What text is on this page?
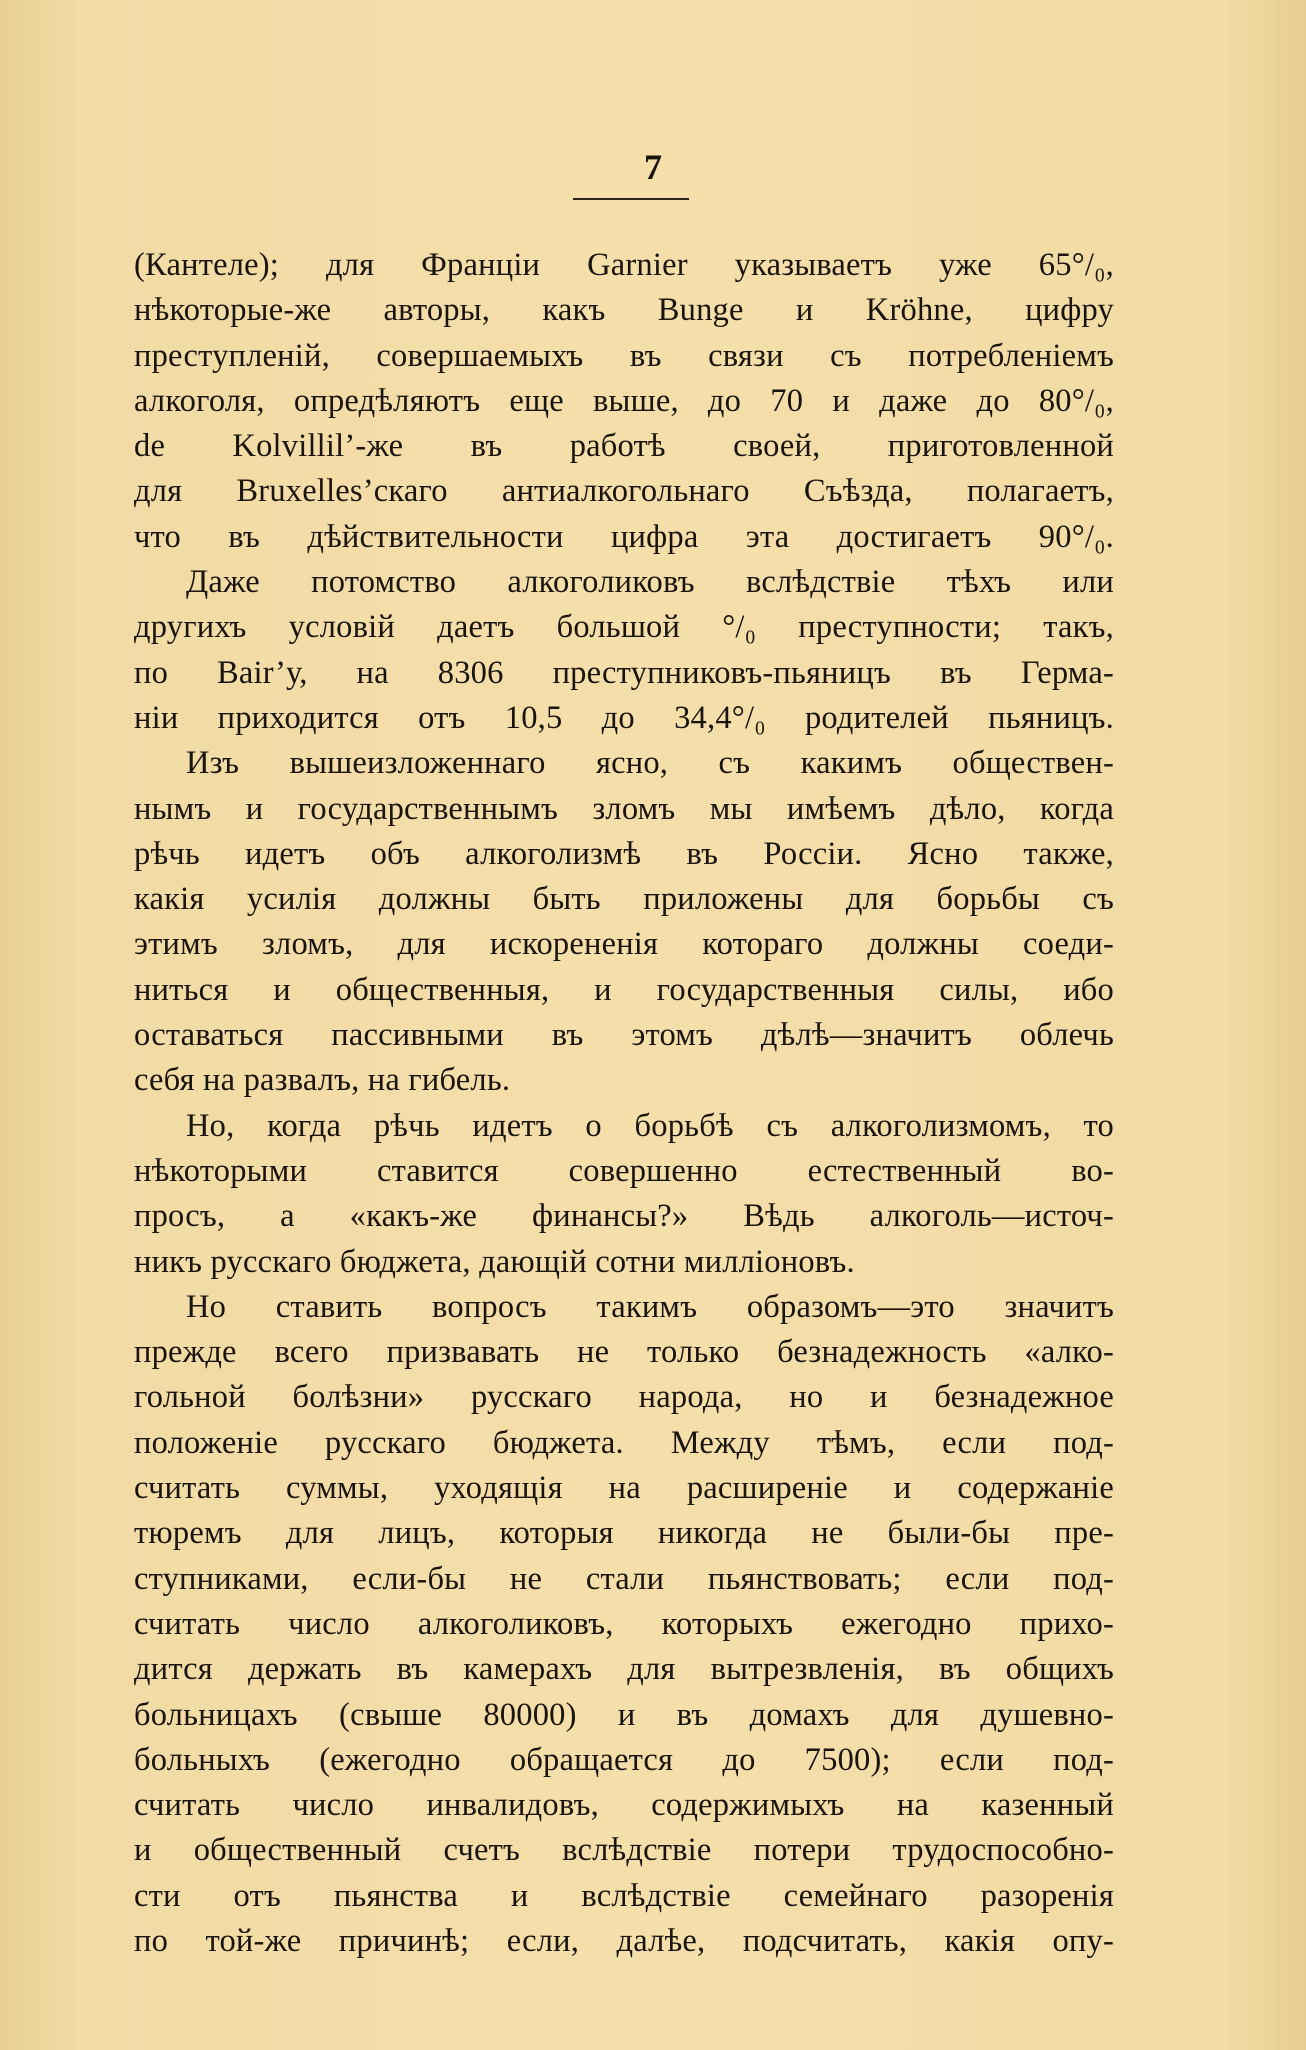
7

(Кантеле); для Франціи Garnier указываетъ уже 65°/₀,
нѣкоторые-же авторы, какъ Bunge и Kröhne, цифру
преступленій, совершаемыхъ въ связи съ потребленіемъ
алкоголя, опредѣляютъ еще выше, до 70 и даже до 80°/₀,
de Kolvillil’-же въ работѣ своей, приготовленной
для Bruxelles’скаго антиалкогольнаго Съѣзда, полагаетъ,
что въ дѣйствительности цифра эта достигаетъ 90°/₀.
Даже потомство алкоголиковъ вслѣдствіе тѣхъ или
другихъ условій даетъ большой °/₀ преступности; такъ,
по Bair’у, на 8306 преступниковъ-пьяницъ въ Герма-
ніи приходится отъ 10,5 до 34,4°/₀ родителей пьяницъ.
Изъ вышеизложеннаго ясно, съ какимъ обществен-
нымъ и государственнымъ зломъ мы имѣемъ дѣло, когда
рѣчь идетъ объ алкоголизмѣ въ Россіи. Ясно также,
какія усилія должны быть приложены для борьбы съ
этимъ зломъ, для искорененія котораго должны соеди-
ниться и общественныя, и государственныя силы, ибо
оставаться пассивными въ этомъ дѣлѣ—значитъ облечь
себя на развалъ, на гибель.
Но, когда рѣчь идетъ о борьбѣ съ алкоголизмомъ, то
нѣкоторыми ставится совершенно естественный во-
просъ, а «какъ-же финансы?» Вѣдь алкоголь—источ-
никъ русскаго бюджета, дающій сотни милліоновъ.
Но ставить вопросъ такимъ образомъ—это значитъ
прежде всего призвавать не только безнадежность «алко-
гольной болѣзни» русскаго народа, но и безнадежное
положеніе русскаго бюджета. Между тѣмъ, если под-
считать суммы, уходящія на расширеніе и содержаніе
тюремъ для лицъ, которыя никогда не были-бы пре-
ступниками, если-бы не стали пьянствовать; если под-
считать число алкоголиковъ, которыхъ ежегодно прихо-
дится держать въ камерахъ для вытрезвленія, въ общихъ
больницахъ (свыше 80000) и въ домахъ для душевно-
больныхъ (ежегодно обращается до 7500); если под-
считать число инвалидовъ, содержимыхъ на казенный
и общественный счетъ вслѣдствіе потери трудоспособно-
сти отъ пьянства и вслѣдствіе семейнаго разоренія
по той-же причинѣ; если, далѣе, подсчитать, какія опу-
